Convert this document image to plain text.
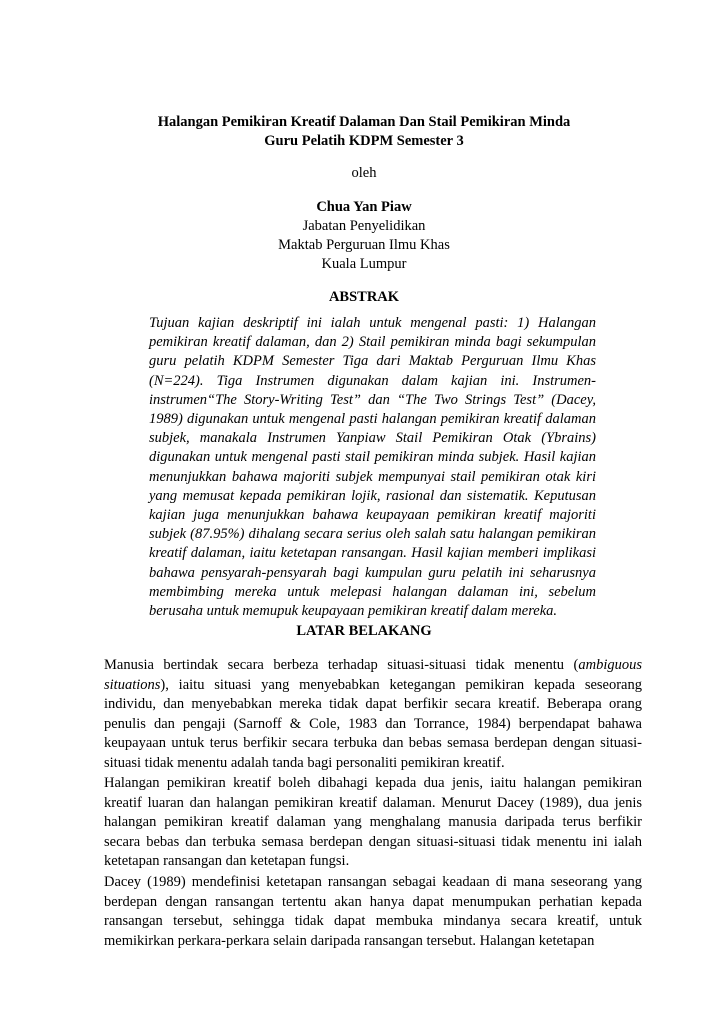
Halangan Pemikiran Kreatif Dalaman Dan Stail Pemikiran Minda
Guru Pelatih KDPM Semester 3
oleh
Chua Yan Piaw
Jabatan Penyelidikan
Maktab Perguruan Ilmu Khas
Kuala Lumpur
ABSTRAK

Tujuan kajian deskriptif ini ialah untuk mengenal pasti: 1) Halangan pemikiran kreatif dalaman, dan 2) Stail pemikiran minda bagi sekumpulan guru pelatih KDPM Semester Tiga dari Maktab Perguruan Ilmu Khas (N=224). Tiga Instrumen digunakan dalam kajian ini. Instrumen-instrumen“The Story-Writing Test” dan “The Two Strings Test” (Dacey, 1989) digunakan untuk mengenal pasti halangan pemikiran kreatif dalaman subjek, manakala Instrumen Yanpiaw Stail Pemikiran Otak (Ybrains) digunakan untuk mengenal pasti stail pemikiran minda subjek. Hasil kajian menunjukkan bahawa majoriti subjek mempunyai stail pemikiran otak kiri yang memusat kepada pemikiran lojik, rasional dan sistematik. Keputusan kajian juga menunjukkan bahawa keupayaan pemikiran kreatif majoriti subjek (87.95%) dihalang secara serius oleh salah satu halangan pemikiran kreatif dalaman, iaitu ketetapan ransangan. Hasil kajian memberi implikasi bahawa pensyarah-pensyarah bagi kumpulan guru pelatih ini seharusnya membimbing mereka untuk melepasi halangan dalaman ini, sebelum berusaha untuk memupuk keupayaan pemikiran kreatif dalam mereka.

LATAR BELAKANG

Manusia bertindak secara berbeza terhadap situasi-situasi tidak menentu (ambiguous situations), iaitu situasi yang menyebabkan ketegangan pemikiran kepada seseorang individu, dan menyebabkan mereka tidak dapat berfikir secara kreatif. Beberapa orang penulis dan pengaji (Sarnoff & Cole, 1983 dan Torrance, 1984) berpendapat bahawa keupayaan untuk terus berfikir secara terbuka dan bebas semasa berdepan dengan situasi-situasi tidak menentu adalah tanda bagi personaliti pemikiran kreatif.

Halangan pemikiran kreatif boleh dibahagi kepada dua jenis, iaitu halangan pemikiran kreatif luaran dan halangan pemikiran kreatif dalaman. Menurut Dacey (1989), dua jenis halangan pemikiran kreatif dalaman yang menghalang manusia daripada terus berfikir secara bebas dan terbuka semasa berdepan dengan situasi-situasi tidak menentu ini ialah ketetapan ransangan dan ketetapan fungsi.

Dacey (1989) mendefinisi ketetapan ransangan sebagai keadaan di mana seseorang yang berdepan dengan ransangan tertentu akan hanya dapat menumpukan perhatian kepada ransangan tersebut, sehingga tidak dapat membuka mindanya secara kreatif, untuk memikirkan perkara-perkara selain daripada ransangan tersebut. Halangan ketetapan
